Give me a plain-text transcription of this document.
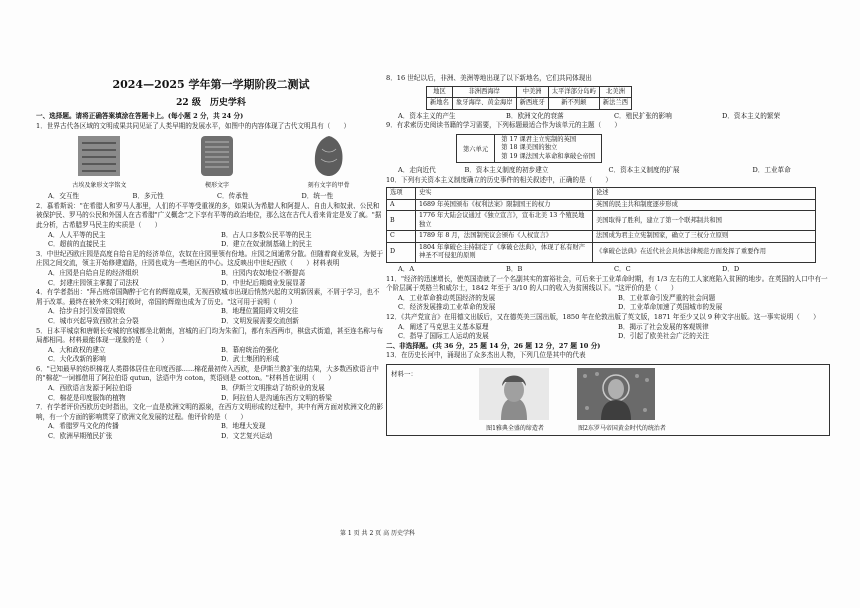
2024—2025 学年第一学期阶段二测试
22 级　历史学科

一、选择题。请将正确答案填涂在答题卡上。(每小题 2 分，共 24 分)

1．世界古代各区域的文明成果共同见证了人类早期的发展水平，如图中的内容体现了古代文明具有（　　）

古埃及象形文字铭文	楔形文字	刻有文字的甲骨
A．交互性	B．多元性	C．传承性	D．统一性

2．慕希斯说："在希腊人和罗马人那里，人们的不平等受重视的多，如果认为希腊人和阿提人、自由人和奴隶、公民和被保护民、罗马的公民和外国人在古希腊"广义概念"之下享有平等的政治地位，那么这在古代人看来肯定是发了疯。"据此分析，古希腊罗马民主的实质是（　　）

A．人人平等的民主	B．占人口多数公民平等的民主
C．超前的直接民主	D．建立在奴隶制基础上的民主

3．中世纪西欧庄园是高度自给自足的经济单位，农奴在庄园里领有份地。庄园之间通常分散。但随着商业发展，为便于庄园之间交流，领主开始修建道路，庄园也成为一些地区的中心。这反映出中世纪西欧（　　）材料表明

A．庄园是自给自足的经济组织	B．庄园内农奴地位不断提高
C．封建庄园领主掌握了司法权	D．中世纪后期商业发展显著

4．有学者指出："拜占庭帝国陶醉于它有的辉煌成果，无视西欧城市出现后悄然兴起的文明新因素，不屑于学习，也不屑于改革。最终在被外来文明打败时，帝国的辉煌也成为了历史。"这可用于说明（　　）

A．拾步自封引发帝国衰败	B．地理位置阻碍文明交往
C．城市兴起导致西欧社会分裂	D．文明发展需要交流创新

5．日本平城京和唐朝长安城的宫城都坐北朝南，宫城的正门均为朱雀门，都有东西两市，棋盘式街道，甚至连名称与布局都相同。材料最能体现一现象的是（　　）

A．大和政权的建立	B．幕府统治的强化
C．大化改新的影响	D．武士集团的形成

6．"已知最早的纺织棉花人类群体居住在印度西部......棉花最初传入西欧，是伊斯兰教扩张的结果，大多数西欧语言中的"棉花"一词都借用了阿拉伯语 qutun，法语中为 coton，英语则是 cotton。"材料旨在说明（　　）

A．西欧语言发源于阿拉伯语	B．伊斯兰文明推动了纺织业的发展
C．棉花是印度服饰的植物	D．阿拉伯人是沟通东西方文明的桥梁

7．有学者评价西欧历史时指出，文化一直是欧洲文明的源泉，在西方文明形成的过程中，其中有两方面对欧洲文化的影响，有一个方面的影响贯穿了欧洲文化发展的过程。他评价的是（　　）

A．希腊罗马文化的传播	B．地理大发现
C．欧洲早期殖民扩张	D．文艺复兴运动

8．16 世纪以后，非洲、美洲等地出现了以下新地名，它们共同体现出

地区	非洲西海岸	中美洲	太平洋部分岛屿	北美洲
新地名	象牙海岸、黄金海岸	新西班牙	新不列颠	新法兰西
A．资本主义的产生	B．欧洲文化的衰落	C．殖民扩张的影响	D．资本主义的繁荣

9．有求索历史阅读书籍的学习需要，下列标题最适合作为该单元的主题（　　）

第六单元
第 17 课君主立宪制的英国
第 18 课美国的独立
第 19 课法国大革命和拿破仑帝国
A．走向近代	B．资本主义制度的初步建立	C．资本主义制度的扩展	D．工业革命

10．下列有关资本主义制度确立的历史事件的相关叙述中，正确的是（　　）

选项	史实	论述
A	1689 年英国颁布《权利法案》限制国王的权力	英国的民主共和制度逐步形成
B	1776 年大陆会议通过《独立宣言》，宣布北美 13 个殖民地独立	美国取得了胜利，建立了第一个联邦制共和国
C	1789 年 8 月，法国制宪议会颁布《人权宣言》	法国成为君主立宪制国家，确立了三权分立原则
D	1804 年拿破仑主持制定了《拿破仑法典》，体现了私有财产神圣不可侵犯的原则	《拿破仑法典》在近代社会具体法律规范方面发挥了重要作用
A．A	B．B	C．C	D．D

11．"经济的迅速增长，使英国造就了一个名副其实的富裕社会，可后来于工业革命时期，有 1/3 左右的工人家庭陷入贫困的地步。在英国的人口中有一个阶层属于英格兰和威尔士，1842 年至于 3/10 的人口的收入为贫困线以下。"这评价的是（　　）

A．工业革命推动英国经济的发展	B．工业革命引发严重的社会问题
C．经济发展推动工业革命的发展	D．工业革命加速了英国城市的发展

12．《共产党宣言》在用德文出版后，又在德英美三国出版，1850 年在伦敦出版了英文版，1871 年至少又以 9 种文字出版。这一事实说明（　　）

A．阐述了马克思主义基本原理	B．揭示了社会发展的客观规律
C．指导了国际工人运动的发展	D．引起了欧美社会广泛的关注

二、非选择题。(共 36 分，25 题 14 分，26 题 12 分，27 题 10 分)

13．在历史长河中，涌现出了众多杰出人物，下列几位是其中的代表

材料一：
图1雅典全盛的缔造者	图2东罗马帝国黄金时代的统治者
第 1 页 共 2 页 高 历史学科
